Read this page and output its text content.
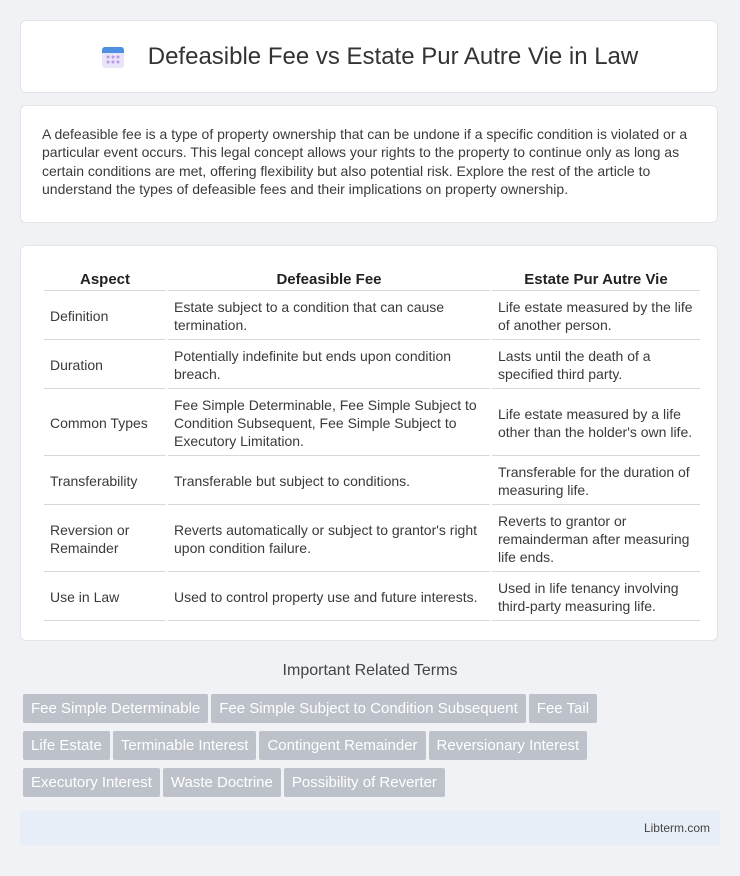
Defeasible Fee vs Estate Pur Autre Vie in Law

A defeasible fee is a type of property ownership that can be undone if a specific condition is violated or a particular event occurs. This legal concept allows your rights to the property to continue only as long as certain conditions are met, offering flexibility but also potential risk. Explore the rest of the article to understand the types of defeasible fees and their implications on property ownership.

Aspect	Defeasible Fee	Estate Pur Autre Vie
Definition	Estate subject to a condition that can cause termination.	Life estate measured by the life of another person.
Duration	Potentially indefinite but ends upon condition breach.	Lasts until the death of a specified third party.
Common Types	Fee Simple Determinable, Fee Simple Subject to Condition Subsequent, Fee Simple Subject to Executory Limitation.	Life estate measured by a life other than the holder's own life.
Transferability	Transferable but subject to conditions.	Transferable for the duration of measuring life.
Reversion or Remainder	Reverts automatically or subject to grantor's right upon condition failure.	Reverts to grantor or remainderman after measuring life ends.
Use in Law	Used to control property use and future interests.	Used in life tenancy involving third-party measuring life.
Important Related Terms
Fee Simple Determinable Fee Simple Subject to Condition Subsequent Fee Tail
Life Estate Terminable Interest Contingent Remainder Reversionary Interest
Executory Interest Waste Doctrine Possibility of Reverter
Libterm.com
